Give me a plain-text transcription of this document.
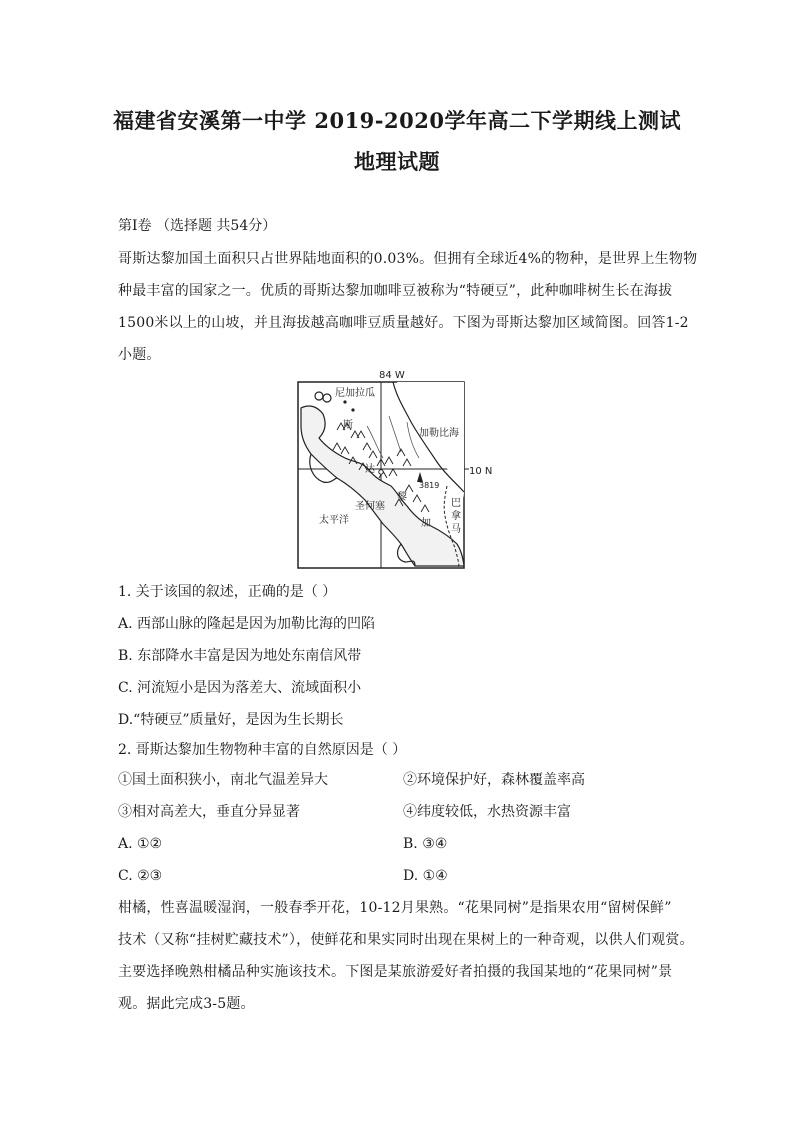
福建省安溪第一中学 2019-2020学年高二下学期线上测试
地理试题
第Ⅰ卷 （选择题 共54分）
哥斯达黎加国土面积只占世界陆地面积的0.03%。但拥有全球近4%的物种，是世界上生物物
种最丰富的国家之一。优质的哥斯达黎加咖啡豆被称为“特硬豆”，此种咖啡树生长在海拔
1500米以上的山坡，并且海拔越高咖啡豆质量越好。下图为哥斯达黎加区域简图。回答1-2
小题。
84 W
10 N
尼加拉瓜
加勒比海
太平洋
圣何塞
3819
巴
拿
马
斯
达
黎
加
1. 关于该国的叙述，正确的是（ ）
A. 西部山脉的隆起是因为加勒比海的凹陷
B. 东部降水丰富是因为地处东南信风带
C. 河流短小是因为落差大、流域面积小
D.“特硬豆”质量好，是因为生长期长
2. 哥斯达黎加生物物种丰富的自然原因是（ ）
①国土面积狭小，南北气温差异大	②环境保护好，森林覆盖率高
③相对高差大，垂直分异显著	④纬度较低，水热资源丰富
A. ①②	B. ③④
C. ②③	D. ①④
柑橘，性喜温暖湿润，一般春季开花，10-12月果熟。“花果同树”是指果农用“留树保鲜”
技术（又称“挂树贮藏技术”），使鲜花和果实同时出现在果树上的一种奇观，以供人们观赏。
主要选择晚熟柑橘品种实施该技术。下图是某旅游爱好者拍摄的我国某地的“花果同树”景
观。据此完成3-5题。
